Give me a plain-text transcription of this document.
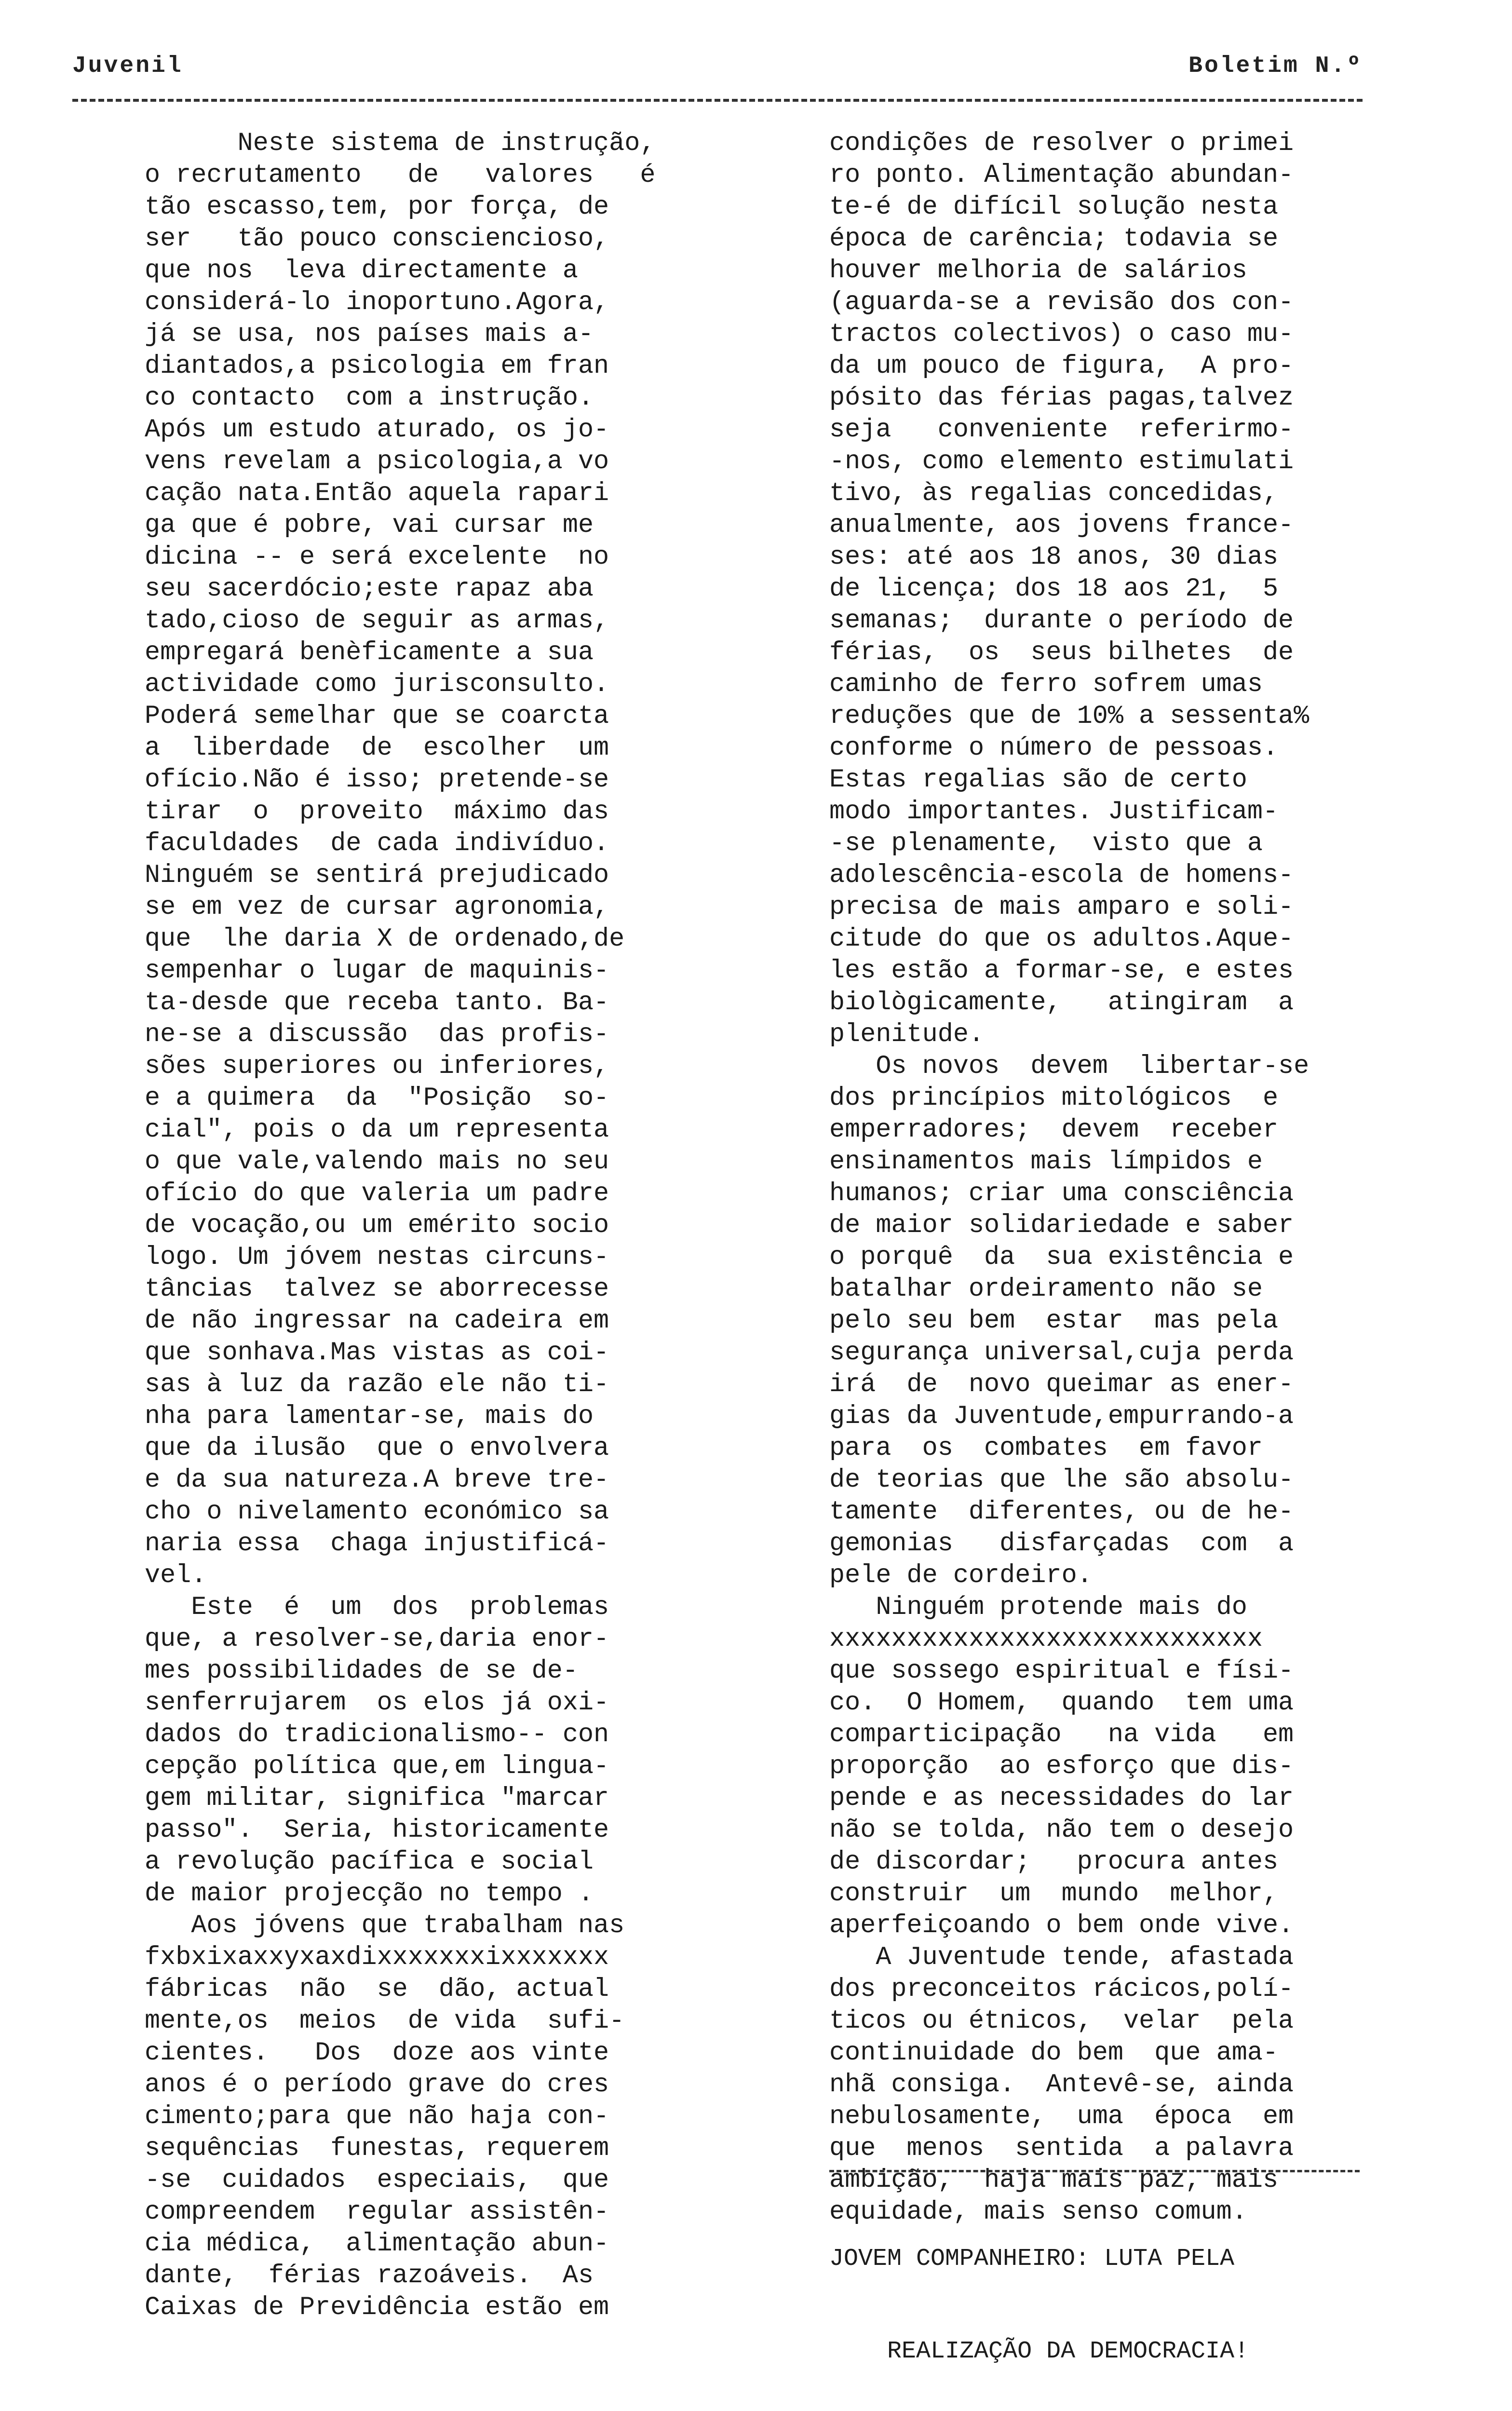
Juvenil	Boletim N.º
Neste sistema de instrução,
o recrutamento   de   valores   é
tão escasso,tem, por força, de
ser   tão pouco consciencioso,
que nos  leva directamente a
considerá-lo inoportuno.Agora,
já se usa, nos países mais a-
diantados,a psicologia em fran
co contacto  com a instrução.
Após um estudo aturado, os jo-
vens revelam a psicologia,a vo
cação nata.Então aquela rapari
ga que é pobre, vai cursar me
dicina -- e será excelente  no
seu sacerdócio;este rapaz aba
tado,cioso de seguir as armas,
empregará benèficamente a sua
actividade como jurisconsulto.
Poderá semelhar que se coarcta
a  liberdade  de  escolher  um
ofício.Não é isso; pretende-se
tirar  o  proveito  máximo das
faculdades  de cada indivíduo.
Ninguém se sentirá prejudicado
se em vez de cursar agronomia,
que  lhe daria X de ordenado,de
sempenhar o lugar de maquinis-
ta-desde que receba tanto. Ba-
ne-se a discussão  das profis-
sões superiores ou inferiores,
e a quimera  da  "Posição  so-
cial", pois o da um representa
o que vale,valendo mais no seu
ofício do que valeria um padre
de vocação,ou um emérito socio
logo. Um jóvem nestas circuns-
tâncias  talvez se aborrecesse
de não ingressar na cadeira em
que sonhava.Mas vistas as coi-
sas à luz da razão ele não ti-
nha para lamentar-se, mais do
que da ilusão  que o envolvera
e da sua natureza.A breve tre-
cho o nivelamento económico sa
naria essa  chaga injustificá-
vel.
Este  é  um  dos  problemas
que, a resolver-se,daria enor-
mes possibilidades de se de-
senferrujarem  os elos já oxi-
dados do tradicionalismo-- con
cepção política que,em lingua-
gem militar, significa "marcar
passo".  Seria, historicamente
a revolução pacífica e social
de maior projecção no tempo .
Aos jóvens que trabalham nas
fxbxixaxxyxaxdixxxxxxxixxxxxxx
fábricas  não  se  dão, actual
mente,os  meios  de vida  sufi-
cientes.   Dos  doze aos vinte
anos é o período grave do cres
cimento;para que não haja con-
sequências  funestas, requerem
-se  cuidados  especiais,  que
compreendem  regular assistên-
cia médica,  alimentação abun-
dante,  férias razoáveis.  As
Caixas de Previdência estão em
condições de resolver o primei
ro ponto. Alimentação abundan-
te-é de difícil solução nesta
época de carência; todavia se
houver melhoria de salários
(aguarda-se a revisão dos con-
tractos colectivos) o caso mu-
da um pouco de figura,  A pro-
pósito das férias pagas,talvez
seja   conveniente  referirmo-
-nos, como elemento estimulati
tivo, às regalias concedidas,
anualmente, aos jovens france-
ses: até aos 18 anos, 30 dias
de licença; dos 18 aos 21,  5
semanas;  durante o período de
férias,  os  seus bilhetes  de
caminho de ferro sofrem umas
reduções que de 10% a sessenta%
conforme o número de pessoas.
Estas regalias são de certo
modo importantes. Justificam-
-se plenamente,  visto que a
adolescência-escola de homens-
precisa de mais amparo e soli-
citude do que os adultos.Aque-
les estão a formar-se, e estes
biològicamente,   atingiram  a
plenitude.
Os novos  devem  libertar-se
dos princípios mitológicos  e
emperradores;  devem  receber
ensinamentos mais límpidos e
humanos; criar uma consciência
de maior solidariedade e saber
o porquê  da  sua existência e
batalhar ordeiramento não se
pelo seu bem  estar  mas pela
segurança universal,cuja perda
irá  de  novo queimar as ener-
gias da Juventude,empurrando-a
para  os  combates  em favor
de teorias que lhe são absolu-
tamente  diferentes, ou de he-
gemonias   disfarçadas  com  a
pele de cordeiro.
Ninguém protende mais do
xxxxxxxxxxxxxxxxxxxxxxxxxxxx
que sossego espiritual e físi-
co.  O Homem,  quando  tem uma
comparticipação   na vida   em
proporção  ao esforço que dis-
pende e as necessidades do lar
não se tolda, não tem o desejo
de discordar;   procura antes
construir  um  mundo  melhor,
aperfeiçoando o bem onde vive.
A Juventude tende, afastada
dos preconceitos rácicos,polí-
ticos ou étnicos,  velar  pela
continuidade do bem  que ama-
nhã consiga.  Antevê-se, ainda
nebulosamente,  uma  época  em
que  menos  sentida  a palavra
ambição,  haja mais paz, mais
equidade, mais senso comum.

JOVEM COMPANHEIRO: LUTA PELA

REALIZAÇÃO DA DEMOCRACIA!
